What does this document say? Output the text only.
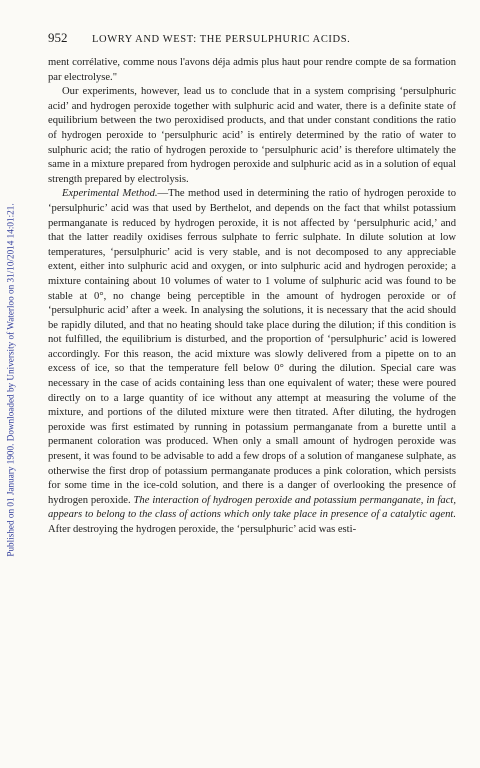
Published on 01 January 1900. Downloaded by University of Waterloo on 31/10/2014 14:01:21.
952	LOWRY AND WEST: THE PERSULPHURIC ACIDS.

ment corrélative, comme nous l'avons déja admis plus haut pour rendre compte de sa formation par electrolyse."

Our experiments, however, lead us to conclude that in a system comprising ‘persulphuric acid’ and hydrogen peroxide together with sulphuric acid and water, there is a definite state of equilibrium between the two peroxidised products, and that under constant conditions the ratio of hydrogen peroxide to ‘persulphuric acid’ is entirely determined by the ratio of water to sulphuric acid; the ratio of hydrogen peroxide to ‘persulphuric acid’ is therefore ultimately the same in a mixture prepared from hydrogen peroxide and sulphuric acid as in a solution of equal strength prepared by electrolysis.

Experimental Method.—The method used in determining the ratio of hydrogen peroxide to ‘persulphuric’ acid was that used by Berthelot, and depends on the fact that whilst potassium permanganate is reduced by hydrogen peroxide, it is not affected by ‘persulphuric acid,’ and that the latter readily oxidises ferrous sulphate to ferric sulphate. In dilute solution at low temperatures, ‘persulphuric’ acid is very stable, and is not decomposed to any appreciable extent, either into sulphuric acid and oxygen, or into sulphuric acid and hydrogen peroxide; a mixture containing about 10 volumes of water to 1 volume of sulphuric acid was found to be stable at 0°, no change being perceptible in the amount of hydrogen peroxide or of ‘persulphuric acid’ after a week. In analysing the solutions, it is necessary that the acid should be rapidly diluted, and that no heating should take place during the dilution; if this condition is not fulfilled, the equilibrium is disturbed, and the proportion of ‘persulphuric’ acid is lowered accordingly. For this reason, the acid mixture was slowly delivered from a pipette on to an excess of ice, so that the temperature fell below 0° during the dilution. Special care was necessary in the case of acids containing less than one equivalent of water; these were poured directly on to a large quantity of ice without any attempt at measuring the volume of the mixture, and portions of the diluted mixture were then titrated. After diluting, the hydrogen peroxide was first estimated by running in potassium permanganate from a burette until a permanent coloration was produced. When only a small amount of hydrogen peroxide was present, it was found to be advisable to add a few drops of a solution of manganese sulphate, as otherwise the first drop of potassium permanganate produces a pink coloration, which persists for some time in the ice-cold solution, and there is a danger of overlooking the presence of hydrogen peroxide. The interaction of hydrogen peroxide and potassium permanganate, in fact, appears to belong to the class of actions which only take place in presence of a catalytic agent. After destroying the hydrogen peroxide, the ‘persulphuric’ acid was esti-
